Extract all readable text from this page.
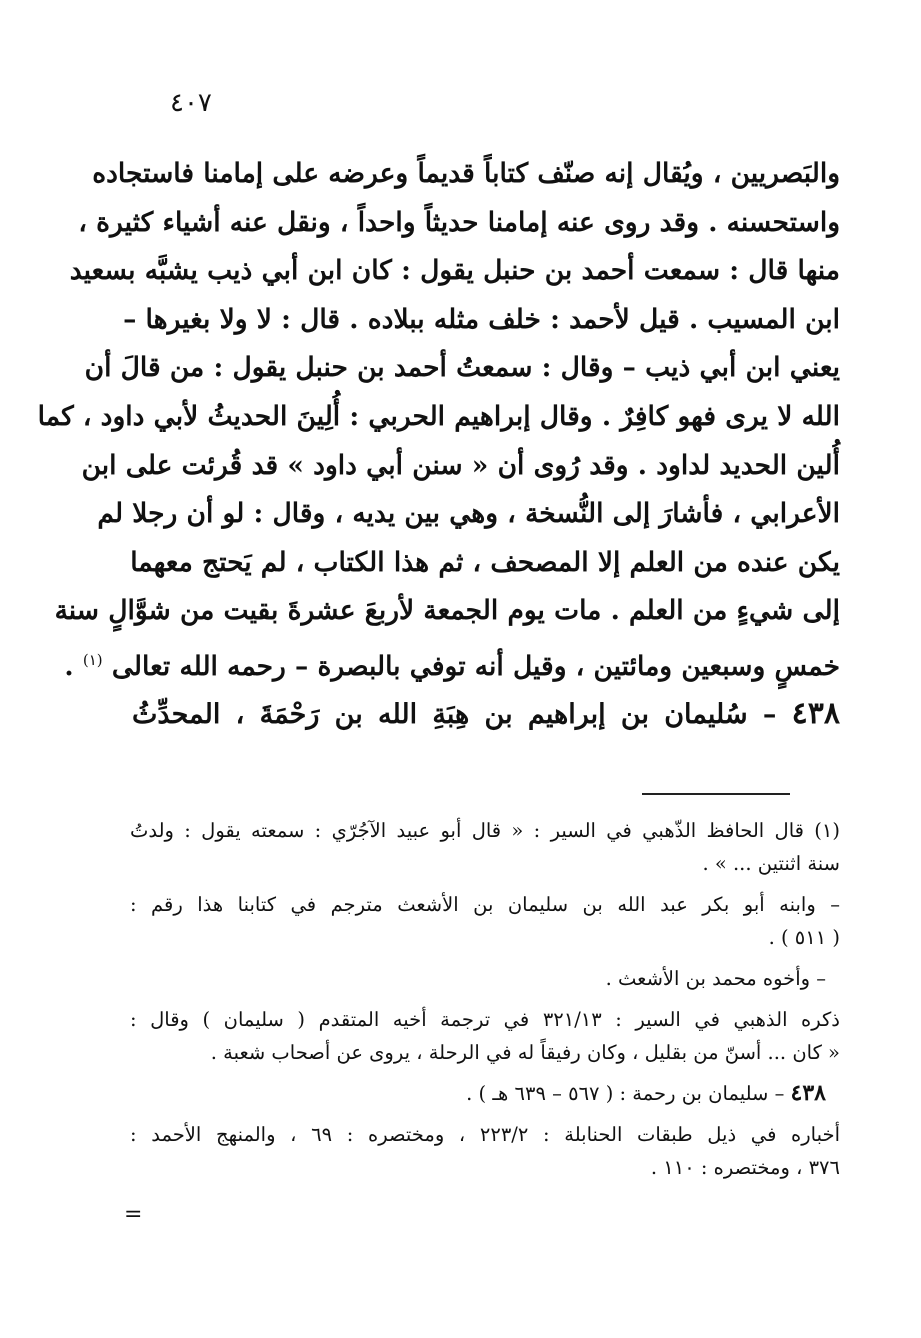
٤٠٧
والبَصريين ، ويُقال إنه صنّف كتاباً قديماً وعرضه على إمامنا فاستجاده
واستحسنه . وقد روى عنه إمامنا حديثاً واحداً ، ونقل عنه أشياء كثيرة ،
منها قال : سمعت أحمد بن حنبل يقول : كان ابن أبي ذيب يشبَّه بسعيد
ابن المسيب . قيل لأحمد : خلف مثله ببلاده . قال : لا ولا بغيرها –
يعني ابن أبي ذيب – وقال : سمعتُ أحمد بن حنبل يقول : من قالَ أن
الله لا يرى فهو كافِرٌ . وقال إبراهيم الحربي : أُلِينَ الحديثُ لأبي داود ، كما
أُلين الحديد لداود . وقد رُوى أن « سنن أبي داود » قد قُرئت على ابن
الأعرابي ، فأشارَ إلى النُّسخة ، وهي بين يديه ، وقال : لو أن رجلا لم
يكن عنده من العلم إلا المصحف ، ثم هذا الكتاب ، لم يَحتج معهما
إلى شيءٍ من العلم . مات يوم الجمعة لأربعَ عشرةَ بقيت من شوَّالٍ سنة
خمسٍ وسبعين ومائتين ، وقيل أنه توفي بالبصرة – رحمه الله تعالى $^{(١)}$ .
٤٣٨ – سُليمان بن إبراهيم بن هِبَةِ الله بن رَحْمَةَ ، المحدِّثُ
(١) قال الحافظ الذّهبي في السير : « قال أبو عبيد الآجُرّي : سمعته يقول : ولدتُ
سنة اثنتين ... » .
– وابنه أبو بكر عبد الله بن سليمان بن الأشعث مترجم في كتابنا هذا رقم :
( ٥١١ ) .
– وأخوه محمد بن الأشعث .
ذكره الذهبي في السير : ٣٢١/١٣ في ترجمة أخيه المتقدم ( سليمان ) وقال :
« كان ... أسنّ من بقليل ، وكان رفيقاً له في الرحلة ، يروى عن أصحاب شعبة .
٤٣٨ – سليمان بن رحمة : ( ٥٦٧ – ٦٣٩ هـ ) .
أخباره في ذيل طبقات الحنابلة : ٢٢٣/٢ ، ومختصره : ٦٩ ، والمنهج الأحمد :
٣٧٦ ، ومختصره : ١١٠ .
=
